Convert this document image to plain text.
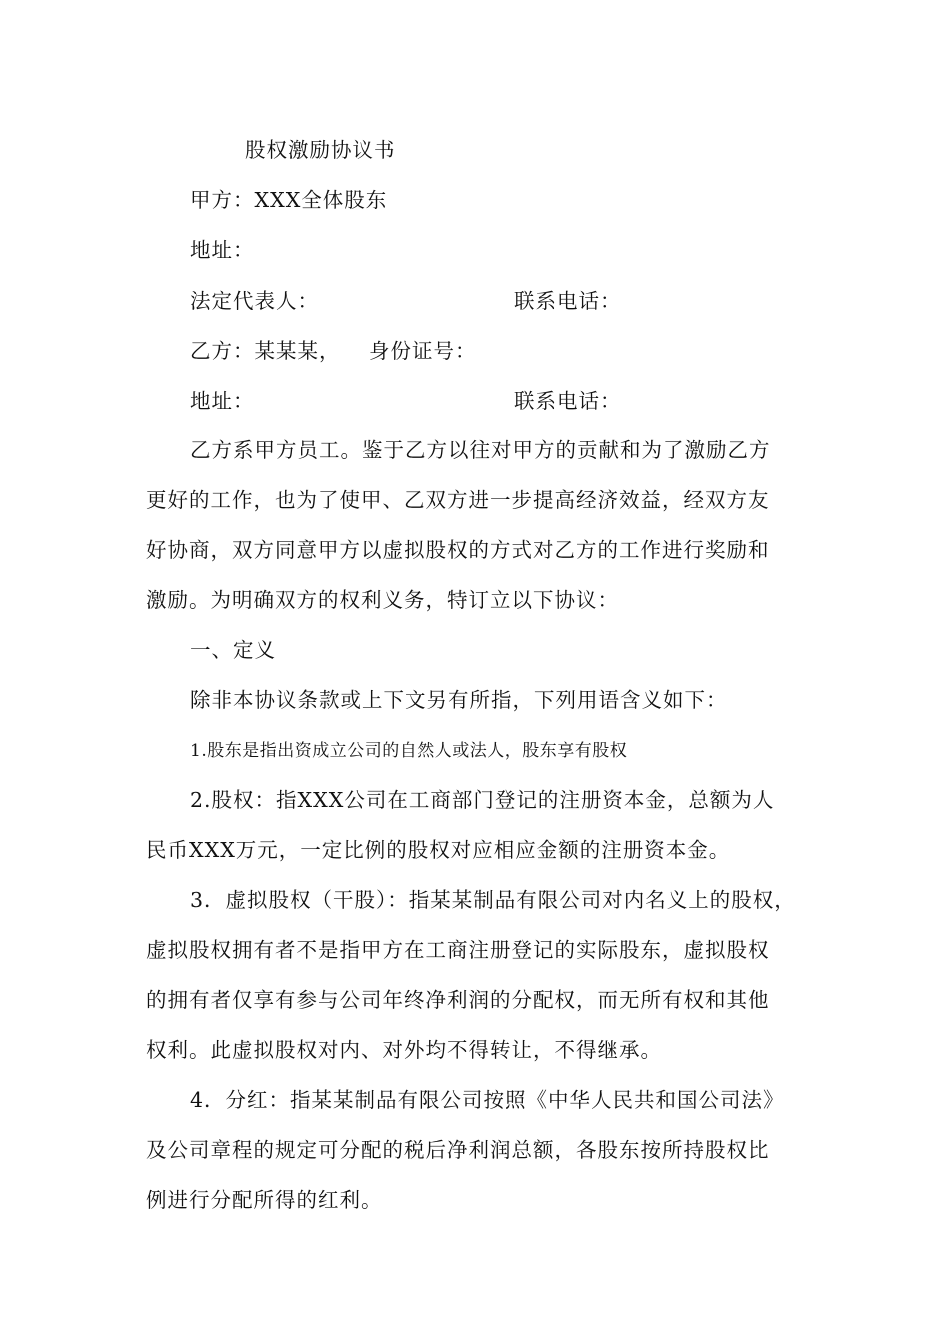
股权激励协议书
甲方：XXX全体股东
地址：
法定代表人：	联系电话：
乙方：某某某， 身份证号：
地址：	联系电话：
乙方系甲方员工。鉴于乙方以往对甲方的贡献和为了激励乙方
更好的工作，也为了使甲、乙双方进一步提高经济效益，经双方友
好协商，双方同意甲方以虚拟股权的方式对乙方的工作进行奖励和
激励。为明确双方的权利义务，特订立以下协议：
一、定义
除非本协议条款或上下文另有所指，下列用语含义如下：
1.股东是指出资成立公司的自然人或法人，股东享有股权
2.股权：指XXX公司在工商部门登记的注册资本金，总额为人
民币XXX万元，一定比例的股权对应相应金额的注册资本金。
3．虚拟股权（干股）：指某某制品有限公司对内名义上的股权，
虚拟股权拥有者不是指甲方在工商注册登记的实际股东，虚拟股权
的拥有者仅享有参与公司年终净利润的分配权，而无所有权和其他
权利。此虚拟股权对内、对外均不得转让，不得继承。
4．分红：指某某制品有限公司按照《中华人民共和国公司法》
及公司章程的规定可分配的税后净利润总额，各股东按所持股权比
例进行分配所得的红利。
